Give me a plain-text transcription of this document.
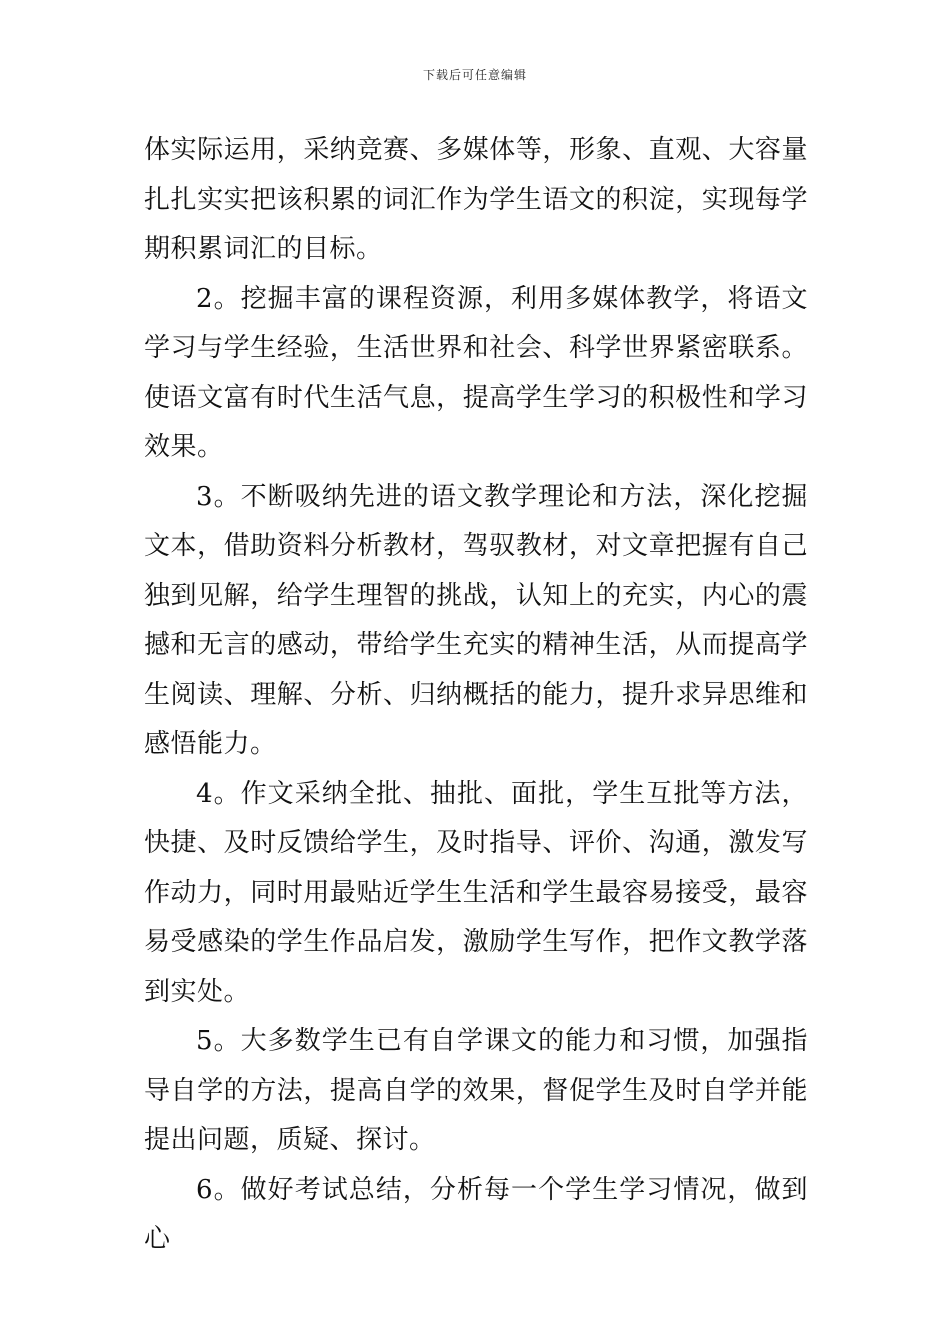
下载后可任意编辑

体实际运用，采纳竞赛、多媒体等，形象、直观、大容量扎扎实实把该积累的词汇作为学生语文的积淀，实现每学期积累词汇的目标。

2。挖掘丰富的课程资源，利用多媒体教学，将语文学习与学生经验，生活世界和社会、科学世界紧密联系。使语文富有时代生活气息，提高学生学习的积极性和学习效果。

3。不断吸纳先进的语文教学理论和方法，深化挖掘文本，借助资料分析教材，驾驭教材，对文章把握有自己独到见解，给学生理智的挑战，认知上的充实，内心的震撼和无言的感动，带给学生充实的精神生活，从而提高学生阅读、理解、分析、归纳概括的能力，提升求异思维和感悟能力。

4。作文采纳全批、抽批、面批，学生互批等方法，快捷、及时反馈给学生，及时指导、评价、沟通，激发写作动力，同时用最贴近学生生活和学生最容易接受，最容易受感染的学生作品启发，激励学生写作，把作文教学落到实处。

5。大多数学生已有自学课文的能力和习惯，加强指导自学的方法，提高自学的效果，督促学生及时自学并能提出问题，质疑、探讨。

6。做好考试总结，分析每一个学生学习情况，做到心
